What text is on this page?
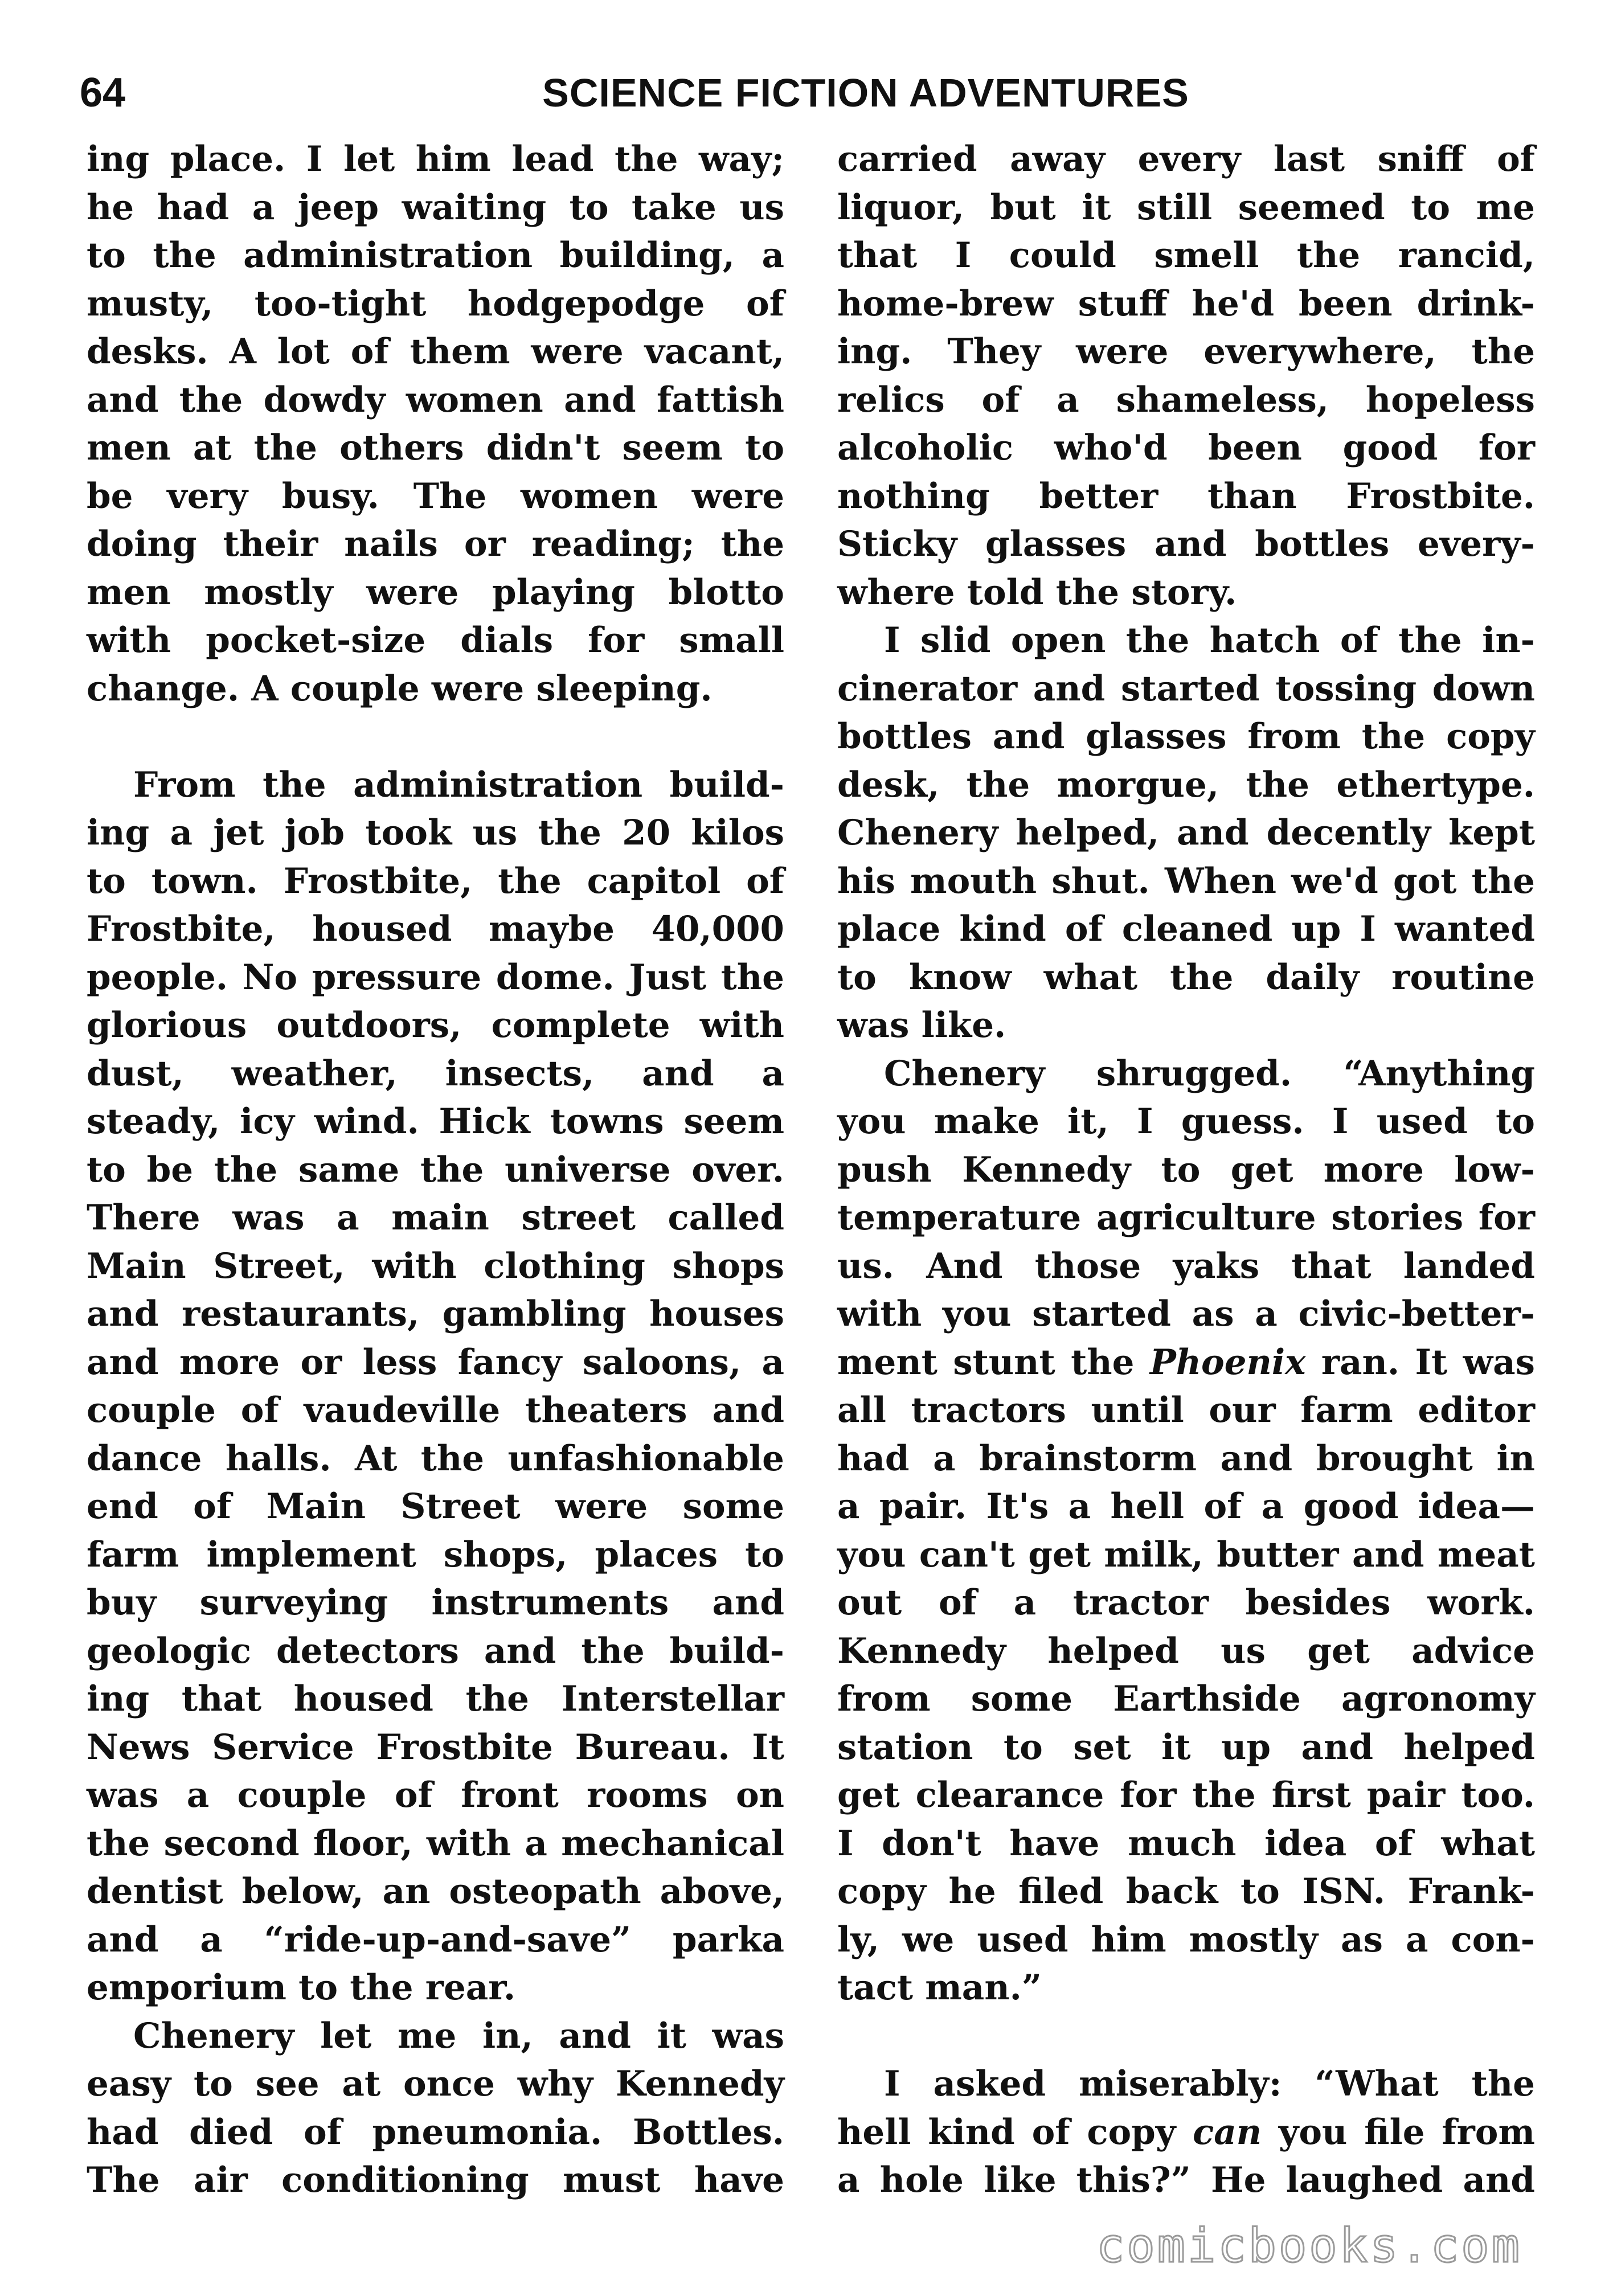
64	SCIENCE FICTION ADVENTURES
ing place. I let him lead the way;
he had a jeep waiting to take us
to the administration building, a
musty, too-tight hodgepodge of
desks. A lot of them were vacant,
and the dowdy women and fattish
men at the others didn't seem to
be very busy. The women were
doing their nails or reading; the
men mostly were playing blotto
with pocket-size dials for small
change. A couple were sleeping.
From the administration build-
ing a jet job took us the 20 kilos
to town. Frostbite, the capitol of
Frostbite, housed maybe 40,000
people. No pressure dome. Just the
glorious outdoors, complete with
dust, weather, insects, and a
steady, icy wind. Hick towns seem
to be the same the universe over.
There was a main street called
Main Street, with clothing shops
and restaurants, gambling houses
and more or less fancy saloons, a
couple of vaudeville theaters and
dance halls. At the unfashionable
end of Main Street were some
farm implement shops, places to
buy surveying instruments and
geologic detectors and the build-
ing that housed the Interstellar
News Service Frostbite Bureau. It
was a couple of front rooms on
the second floor, with a mechanical
dentist below, an osteopath above,
and a “ride-up-and-save” parka
emporium to the rear.
Chenery let me in, and it was
easy to see at once why Kennedy
had died of pneumonia. Bottles.
The air conditioning must have
carried away every last sniff of
liquor, but it still seemed to me
that I could smell the rancid,
home-brew stuff he'd been drink-
ing. They were everywhere, the
relics of a shameless, hopeless
alcoholic who'd been good for
nothing better than Frostbite.
Sticky glasses and bottles every-
where told the story.
I slid open the hatch of the in-
cinerator and started tossing down
bottles and glasses from the copy
desk, the morgue, the ethertype.
Chenery helped, and decently kept
his mouth shut. When we'd got the
place kind of cleaned up I wanted
to know what the daily routine
was like.
Chenery shrugged. “Anything
you make it, I guess. I used to
push Kennedy to get more low-
temperature agriculture stories for
us. And those yaks that landed
with you started as a civic-better-
ment stunt the Phoenix ran. It was
all tractors until our farm editor
had a brainstorm and brought in
a pair. It's a hell of a good idea—
you can't get milk, butter and meat
out of a tractor besides work.
Kennedy helped us get advice
from some Earthside agronomy
station to set it up and helped
get clearance for the first pair too.
I don't have much idea of what
copy he filed back to ISN. Frank-
ly, we used him mostly as a con-
tact man.”
I asked miserably: “What the
hell kind of copy can you file from
a hole like this?” He laughed and
comicbooks.com
